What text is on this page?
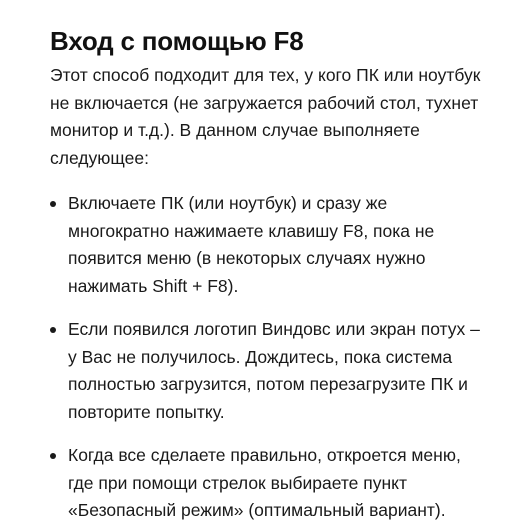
Вход с помощью F8

Этот способ подходит для тех, у кого ПК или ноутбук не включается (не загружается рабочий стол, тухнет монитор и т.д.). В данном случае выполняете следующее:

Включаете ПК (или ноутбук) и сразу же многократно нажимаете клавишу F8, пока не появится меню (в некоторых случаях нужно нажимать Shift + F8).
Если появился логотип Виндовс или экран потух – у Вас не получилось. Дождитесь, пока система полностью загрузится, потом перезагрузите ПК и повторите попытку.
Когда все сделаете правильно, откроется меню, где при помощи стрелок выбираете пункт «Безопасный режим» (оптимальный вариант).
